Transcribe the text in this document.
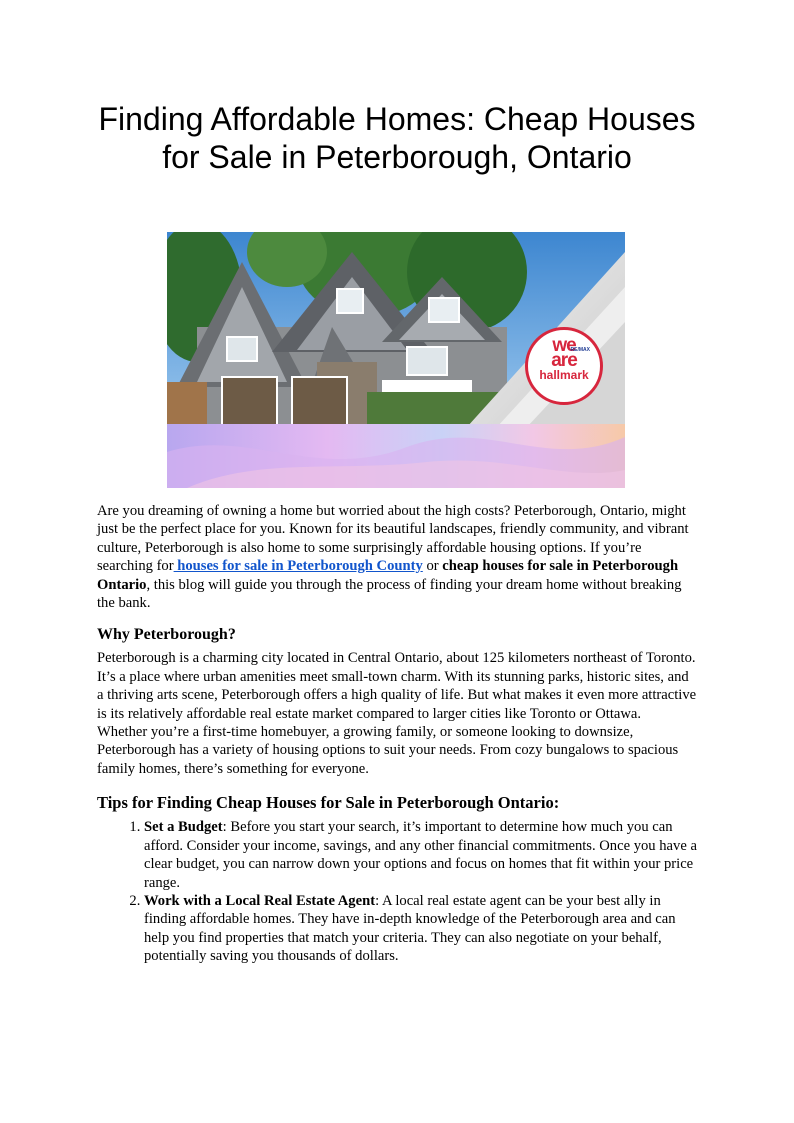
Finding Affordable Homes: Cheap Houses for Sale in Peterborough, Ontario
RE/MAX
we
are
hallmark

Are you dreaming of owning a home but worried about the high costs? Peterborough, Ontario, might just be the perfect place for you. Known for its beautiful landscapes, friendly community, and vibrant culture, Peterborough is also home to some surprisingly affordable housing options. If you’re searching for houses for sale in Peterborough County or cheap houses for sale in Peterborough Ontario, this blog will guide you through the process of finding your dream home without breaking the bank.

Why Peterborough?

Peterborough is a charming city located in Central Ontario, about 125 kilometers northeast of Toronto. It’s a place where urban amenities meet small-town charm. With its stunning parks, historic sites, and a thriving arts scene, Peterborough offers a high quality of life. But what makes it even more attractive is its relatively affordable real estate market compared to larger cities like Toronto or Ottawa.

Whether you’re a first-time homebuyer, a growing family, or someone looking to downsize, Peterborough has a variety of housing options to suit your needs. From cozy bungalows to spacious family homes, there’s something for everyone.

Tips for Finding Cheap Houses for Sale in Peterborough Ontario:
1. Set a Budget: Before you start your search, it’s important to determine how much you can afford. Consider your income, savings, and any other financial commitments. Once you have a clear budget, you can narrow down your options and focus on homes that fit within your price range.
2. Work with a Local Real Estate Agent: A local real estate agent can be your best ally in finding affordable homes. They have in-depth knowledge of the Peterborough area and can help you find properties that match your criteria. They can also negotiate on your behalf, potentially saving you thousands of dollars.
